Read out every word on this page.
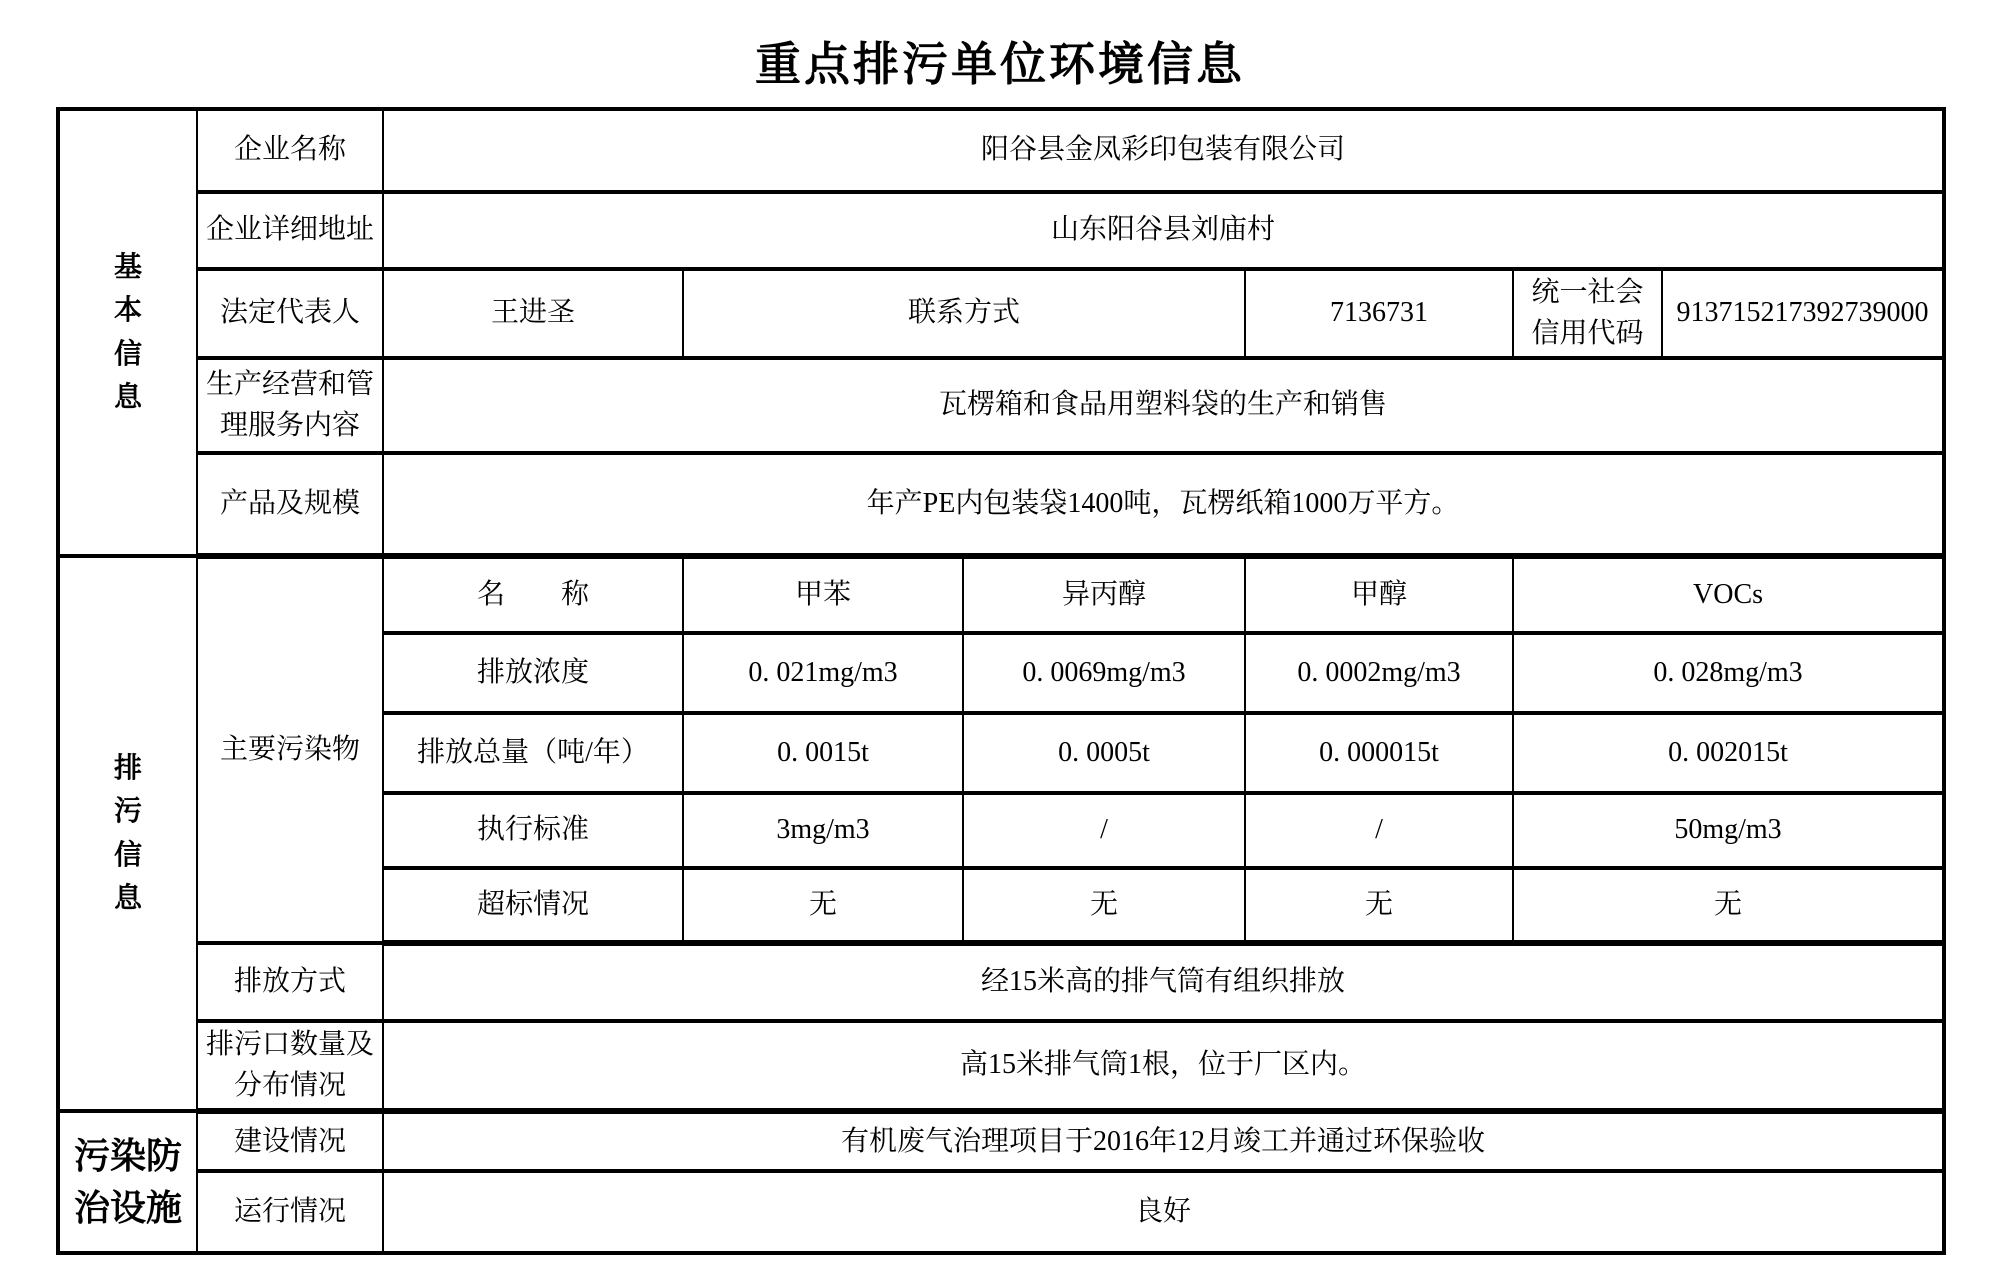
重点排污单位环境信息
基本信息	企业名称	阳谷县金凤彩印包装有限公司					
	企业详细地址	山东阳谷县刘庙村					
	法定代表人	王进圣	联系方式		7136731	统一社会信用代码	913715217392739000

	生产经营和管理服务内容	瓦楞箱和食品用塑料袋的生产和销售					
	产品及规模	年产PE内包装袋1400吨，瓦楞纸箱1000万平方。					

排污信息	主要污染物	名　　称	甲苯	异丙醇	甲醇	VOCs	
		排放浓度	0. 021mg/m3	0. 0069mg/m3	0. 0002mg/m3	0. 028mg/m3	
		排放总量（吨/年）	0. 0015t	0. 0005t	0. 000015t	0. 002015t	
		执行标准	3mg/m3	/	/	50mg/m3	
		超标情况	无	无	无	无	
	排放方式	经15米高的排气筒有组织排放					

	排污口数量及分布情况	高15米排气筒1根，位于厂区内。					

污染防治设施	建设情况	有机废气治理项目于2016年12月竣工并通过环保验收					
	运行情况	良好					
